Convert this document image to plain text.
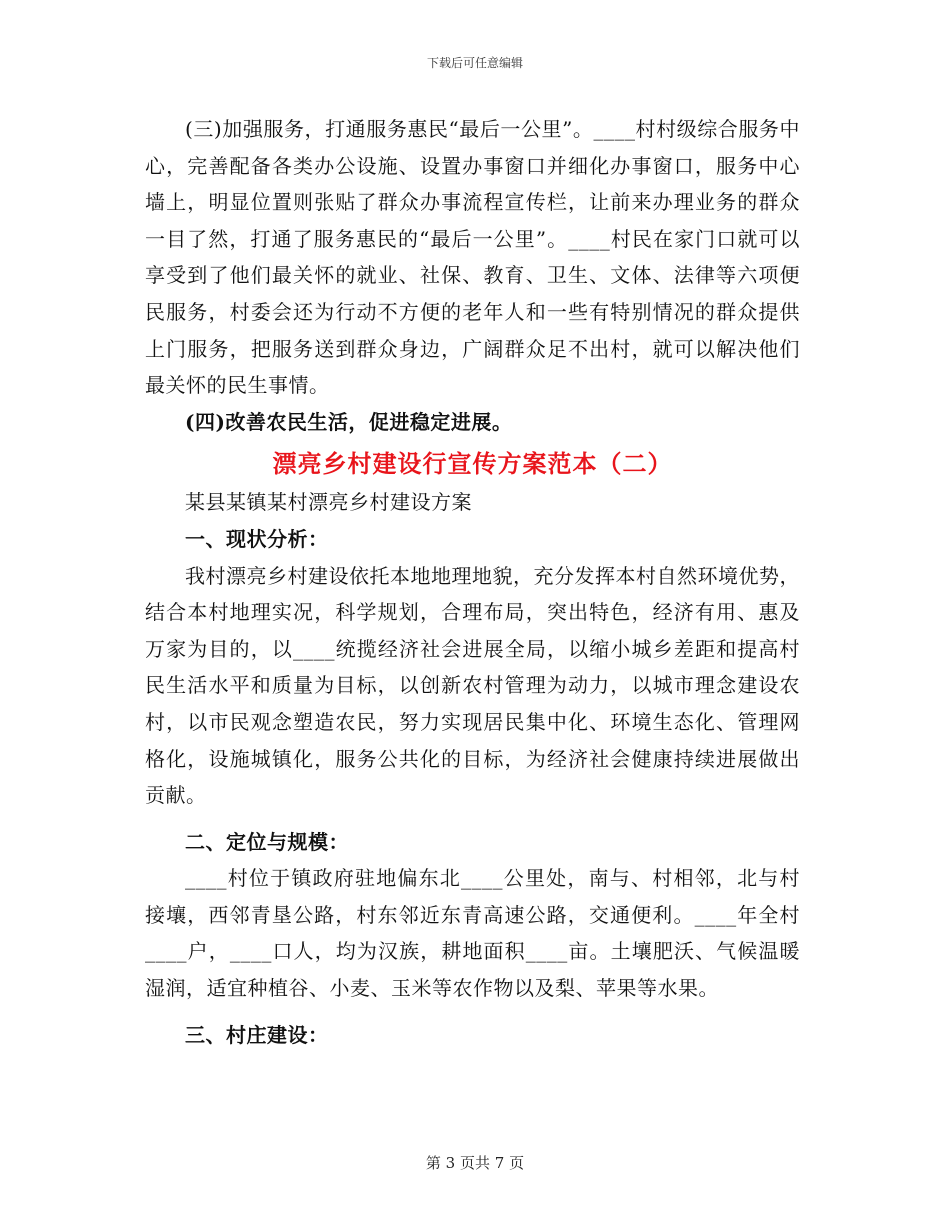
下载后可任意编辑

(三)加强服务，打通服务惠民“最后一公里”。____村村级综合服务中心，完善配备各类办公设施、设置办事窗口并细化办事窗口，服务中心墙上，明显位置则张贴了群众办事流程宣传栏，让前来办理业务的群众一目了然，打通了服务惠民的“最后一公里”。____村民在家门口就可以享受到了他们最关怀的就业、社保、教育、卫生、文体、法律等六项便民服务，村委会还为行动不方便的老年人和一些有特别情况的群众提供上门服务，把服务送到群众身边，广阔群众足不出村，就可以解决他们最关怀的民生事情。

(四)改善农民生活，促进稳定进展。

漂亮乡村建设行宣传方案范本（二）

某县某镇某村漂亮乡村建设方案

一、现状分析：

我村漂亮乡村建设依托本地地理地貌，充分发挥本村自然环境优势，结合本村地理实况，科学规划，合理布局，突出特色，经济有用、惠及万家为目的，以____统揽经济社会进展全局，以缩小城乡差距和提高村民生活水平和质量为目标，以创新农村管理为动力，以城市理念建设农村，以市民观念塑造农民，努力实现居民集中化、环境生态化、管理网格化，设施城镇化，服务公共化的目标，为经济社会健康持续进展做出贡献。

二、定位与规模：

____村位于镇政府驻地偏东北____公里处，南与、村相邻，北与村接壤，西邻青垦公路，村东邻近东青高速公路，交通便利。____年全村____户，____口人，均为汉族，耕地面积____亩。土壤肥沃、气候温暖湿润，适宜种植谷、小麦、玉米等农作物以及梨、苹果等水果。

三、村庄建设：

第 3 页共 7 页
